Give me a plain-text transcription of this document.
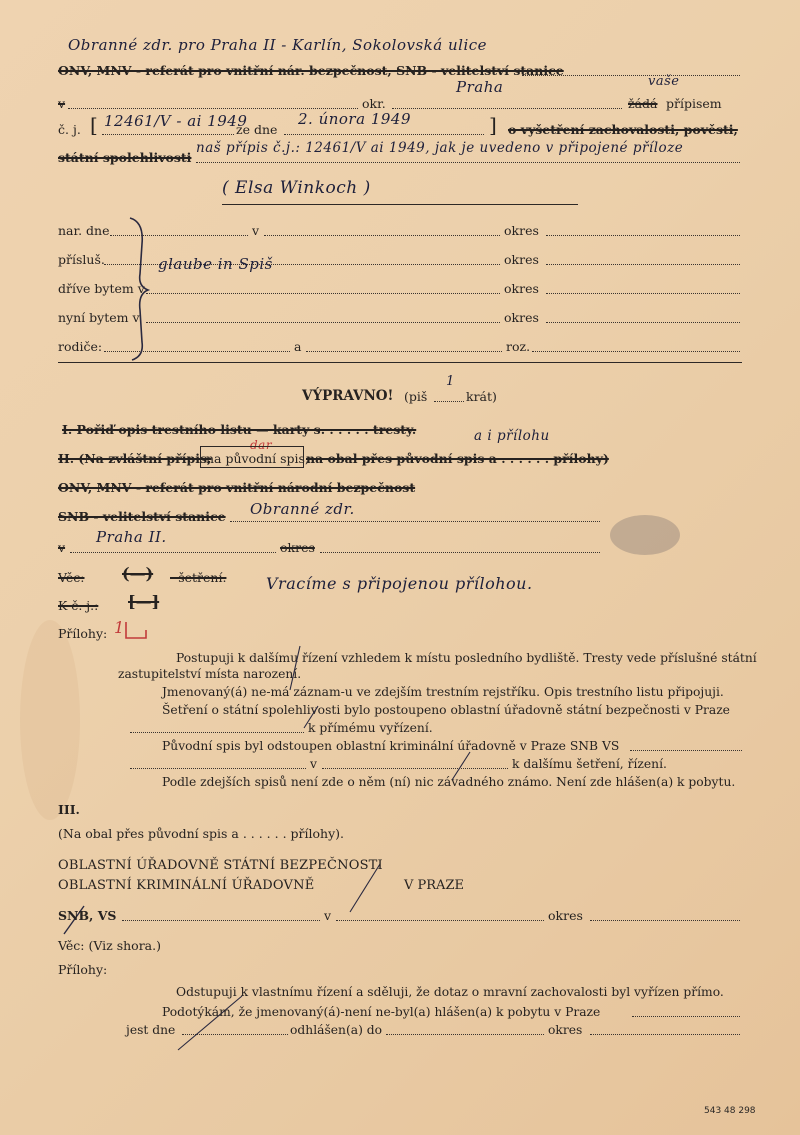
Obranné zdr. pro Praha II - Karlín, Sokolovská ulice
ONV, MNV - referát pro vnitřní nár. bezpečnost, SNB - velitelství stanice
Praha	vaše
v	okr.	žádá přípisem
č. j. [ 12461/V - ai 1949
ze dne
2. února 1949	] o vyšetření zachovalosti, pověsti,
státní spolehlivosti
naš přípis č.j.: 12461/V ai 1949, jak je uvedeno v připojené příloze
( Elsa Winkoch )
nar. dne	v	okres
přísluš.	okres
glaube in Spiš
dříve bytem v	okres
nyní bytem v	okres
rodiče:	a	roz.
VÝPRAVNO! (piš
1
krát)
I. Pořiď opis trestního listu — karty s. . . . . . tresty.	a i přílohu
dar
II. (Na zvláštní přípis,
na původní spis,
na obal přes původní spis a . . . . . . přílohy)
ONV, MNV - referát pro vnitřní národní bezpečnost
SNB - velitelství stanice Obranné zdr.
v
Praha II.
okres
Věc: (—) - šetření. Vracíme s připojenou přílohou.
K č. j.: [—]
Přílohy: 1
Postupuji k dalšímu řízení vzhledem k místu posledního bydliště. Tresty vede příslušné státní
zastupitelství místa narození.
Jmenovaný(á) ne-má záznam-u ve zdejším trestním rejstříku. Opis trestního listu připojuji.
Šetření o státní spolehlivosti bylo postoupeno oblastní úřadovně státní bezpečnosti v Praze
k přímému vyřízení.
Původní spis byl odstoupen oblastní kriminální úřadovně v Praze SNB VS
v	k dalšímu šetření, řízení.
Podle zdejších spisů není zde o něm (ní) nic závadného známo. Není zde hlášen(a) k pobytu.
III.
(Na obal přes původní spis a . . . . . . přílohy).
OBLASTNÍ ÚŘADOVNĚ STÁTNÍ BEZPEČNOSTI
OBLASTNÍ KRIMINÁLNÍ ÚŘADOVNĚ	V PRAZE
SNB, VS	v	okres
Věc: (Viz shora.)
Přílohy:
Odstupuji k vlastnímu řízení a sděluji, že dotaz o mravní zachovalosti byl vyřízen přímo.
Podotýkám, že jmenovaný(á)-není ne-byl(a) hlášen(a) k pobytu v Praze
jest dne	odhlášen(a) do	okres
543 48 298
